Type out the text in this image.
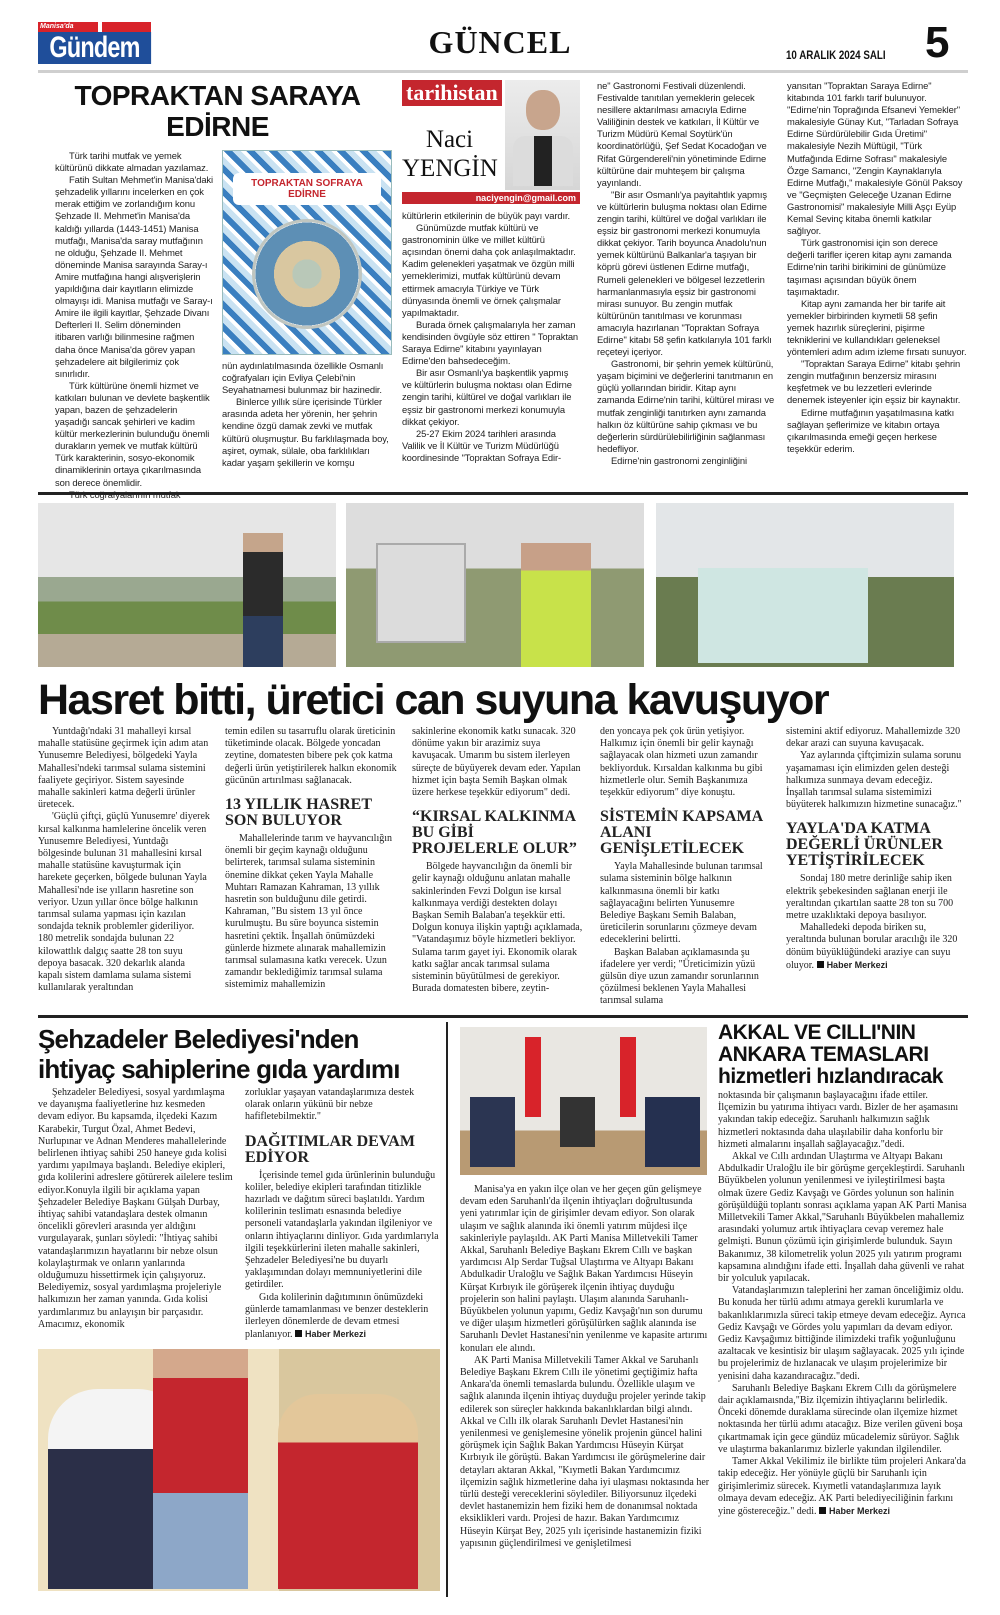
Manisa'da
Gündem	GÜNCEL	10 ARALIK 2024 SALI 5
TOPRAKTAN SARAYA
EDİRNE

Türk tarihi mutfak ve yemek kültürünü dikkate almadan yazılamaz.

Fatih Sultan Mehmet'in Manisa'daki şehzadelik yıllarını incelerken en çok merak ettiğim ve zorlandığım konu Şehzade II. Mehmet'in Manisa'da kaldığı yıllarda (1443-1451) Manisa mutfağı, Manisa'da saray mutfağının ne olduğu, Şehzade II. Mehmet döneminde Manisa sarayında Saray-ı Amire mutfağına hangi alışverişlerin yapıldığına dair kayıtların elimizde olmayışı idi. Manisa mutfağı ve Saray-ı Amire ile ilgili kayıtlar, Şehzade Divanı Defterleri II. Selim döneminden itibaren varlığı bilinmesine rağmen daha önce Manisa'da görev yapan şehzadelere ait bilgilerimiz çok sınırlıdır.

Türk kültürüne önemli hizmet ve katkıları bulunan ve devlete başkentlik yapan, bazen de şehzadelerin yaşadığı sancak şehirleri ve kadim kültür merkezlerinin bulunduğu önemli durakların yemek ve mutfak kültürü Türk karakterinin, sosyo-ekonomik dinamiklerinin ortaya çıkarılmasında son derece önemlidir.

TOPRAKTAN SOFRAYA EDİRNE

nün aydınlatılmasında özellikle Osmanlı coğrafyaları için Evliya Çelebi'nin Seyahatnamesi bulunmaz bir hazinedir.

Binlerce yıllık süre içerisinde Türkler arasında adeta her yörenin, her şehrin kendine özgü damak zevki ve mutfak kültürü oluşmuştur. Bu farklılaşmada boy, aşiret, oymak, sülale, oba farklılıkları kadar yaşam şekillerin ve komşu

tarihistan
Naci
YENGİN
naciyengin@gmail.com

kültürlerin etkilerinin de büyük payı vardır.

Günümüzde mutfak kültürü ve gastronominin ülke ve millet kültürü açısından önemi daha çok anlaşılmaktadır. Kadim gelenekleri yaşatmak ve özgün milli yemeklerimizi, mutfak kültürünü devam ettirmek amacıyla Türkiye ve Türk dünyasında önemli ve örnek çalışmalar yapılmaktadır.

Burada örnek çalışmalarıyla her zaman kendisinden övgüyle söz ettiren " Topraktan Saraya Edirne" kitabını yayınlayan Edirne'den bahsedeceğim.

Bir asır Osmanlı'ya başkentlik yapmış ve kültürlerin buluşma noktası olan Edirne zengin tarihi, kültürel ve doğal varlıkları ile eşsiz bir gastronomi merkezi konumuyla dikkat çekiyor.

25-27 Ekim 2024 tarihleri arasında Valilik ve İl Kültür ve Turizm Müdürlüğü koordinesinde "Topraktan Sofraya Edir-

ne" Gastronomi Festivali düzenlendi. Festivalde tanıtılan yemeklerin gelecek nesillere aktarılması amacıyla Edirne Valiliğinin destek ve katkıları, İl Kültür ve Turizm Müdürü Kemal Soytürk'ün koordinatörlüğü, Şef Sedat Kocadoğan ve Rifat Gürgendereli'nin yönetiminde Edirne kültürüne dair muhteşem bir çalışma yayınlandı.

"Bir asır Osmanlı'ya payitahtlık yapmış ve kültürlerin buluşma noktası olan Edirne zengin tarihi, kültürel ve doğal varlıkları ile eşsiz bir gastronomi merkezi konumuyla dikkat çekiyor. Tarih boyunca Anadolu'nun yemek kültürünü Balkanlar'a taşıyan bir köprü görevi üstlenen Edirne mutfağı, Rumeli gelenekleri ve bölgesel lezzetlerin harmanlanmasıyla eşsiz bir gastronomi mirası sunuyor. Bu zengin mutfak kültürünün tanıtılması ve korunması amacıyla hazırlanan "Topraktan Sofraya Edirne" kitabı 58 şefin katkılarıyla 101 farklı reçeteyi içeriyor.

Gastronomi, bir şehrin yemek kültürünü, yaşam biçimini ve değerlerini tanıtmanın en güçlü yollarından biridir. Kitap aynı zamanda Edirne'nin tarihi, kültürel mirası ve mutfak zenginliği tanıtırken aynı zamanda halkın öz kültürüne sahip çıkması ve bu değerlerin sürdürülebilirliğinin sağlanması hedefliyor.

Edirne'nin gastronomi zenginliğini

yansıtan "Topraktan Saraya Edirne" kitabında 101 farklı tarif bulunuyor. "Edirne'nin Toprağında Efsanevi Yemekler" makalesiyle Günay Kut, "Tarladan Sofraya Edirne Sürdürülebilir Gıda Üretimi" makalesiyle Nezih Müftügil, "Türk Mutfağında Edirne Sofrası" makalesiyle Özge Samancı, "Zengin Kaynaklarıyla Edirne Mutfağı," makalesiyle Gönül Paksoy ve "Geçmişten Geleceğe Uzanan Edirne Gastronomisi" makalesiyle Milli Aşçı Eyüp Kemal Sevinç kitaba önemli katkılar sağlıyor.

Türk gastronomisi için son derece değerli tarifler içeren kitap aynı zamanda Edirne'nin tarihi birikimini de günümüze taşıması açısından büyük önem taşımaktadır.

Kitap aynı zamanda her bir tarife ait yemekler birbirinden kıymetli 58 şefin yemek hazırlık süreçlerini, pişirme tekniklerini ve kullandıkları geleneksel yöntemleri adım adım izleme fırsatı sunuyor.

"Topraktan Saraya Edirne" kitabı şehrin zengin mutfağının benzersiz mirasını keşfetmek ve bu lezzetleri evlerinde denemek isteyenler için eşsiz bir kaynaktır.

Edirne mutfağının yaşatılmasına katkı sağlayan şeflerimize ve kitabın ortaya çıkarılmasında emeği geçen herkese teşekkür ederim.

Hasret bitti, üretici can suyuna kavuşuyor

Yuntdağı'ndaki 31 mahalleyi kırsal mahalle statüsüne geçirmek için adım atan Yunusemre Belediyesi, bölgedeki Yayla Mahallesi'ndeki tarımsal sulama sistemini faaliyete geçiriyor. Sistem sayesinde mahalle sakinleri katma değerli ürünler üretecek.

'Güçlü çiftçi, güçlü Yunusemre' diyerek kırsal kalkınma hamlelerine öncelik veren Yunusemre Belediyesi, Yuntdağı bölgesinde bulunan 31 mahallesini kırsal mahalle statüsüne kavuşturmak için harekete geçerken, bölgede bulunan Yayla Mahallesi'nde ise yılların hasretine son veriyor. Uzun yıllar önce bölge halkının tarımsal sulama yapması için kazılan sondajda teknik problemler gideriliyor. 180 metrelik sondajda bulunan 22 kilowattlık dalgıç saatte 28 ton suyu depoya basacak. 320 dekarlık alanda kapalı sistem damlama sulama sistemi kullanılarak yeraltından

temin edilen su tasarruflu olarak üreticinin tüketiminde olacak. Bölgede yoncadan zeytine, domatesten bibere pek çok katma değerli ürün yetiştirilerek halkın ekonomik gücünün artırılması sağlanacak.

13 YILLIK HASRET SON BULUYOR

Mahallelerinde tarım ve hayvancılığın önemli bir geçim kaynağı olduğunu belirterek, tarımsal sulama sisteminin önemine dikkat çeken Yayla Mahalle Muhtarı Ramazan Kahraman, 13 yıllık hasretin son bulduğunu dile getirdi. Kahraman, "Bu sistem 13 yıl önce kurulmuştu. Bu süre boyunca sistemin hasretini çektik. İnşallah önümüzdeki günlerde hizmete alınarak mahallemizin tarımsal sulamasına katkı verecek. Uzun zamandır beklediğimiz tarımsal sulama sistemimiz mahallemizin

sakinlerine ekonomik katkı sunacak. 320 dönüme yakın bir arazimiz suya kavuşacak. Umarım bu sistem ilerleyen süreçte de büyüyerek devam eder. Yapılan hizmet için başta Semih Başkan olmak üzere herkese teşekkür ediyorum" dedi.

“KIRSAL KALKINMA BU GİBİ PROJELERLE OLUR”

Bölgede hayvancılığın da önemli bir gelir kaynağı olduğunu anlatan mahalle sakinlerinden Fevzi Dolgun ise kırsal kalkınmaya verdiği destekten dolayı Başkan Semih Balaban'a teşekkür etti. Dolgun konuya ilişkin yaptığı açıklamada, "Vatandaşımız böyle hizmetleri bekliyor. Sulama tarım gayet iyi. Ekonomik olarak katkı sağlar ancak tarımsal sulama sisteminin büyütülmesi de gerekiyor. Burada domatesten bibere, zeytin-

den yoncaya pek çok ürün yetişiyor. Halkımız için önemli bir gelir kaynağı sağlayacak olan hizmeti uzun zamandır bekliyorduk. Kırsaldan kalkınma bu gibi hizmetlerle olur. Semih Başkanımıza teşekkür ediyorum" diye konuştu.

SİSTEMİN KAPSAMA ALANI GENİŞLETİLECEK

Yayla Mahallesinde bulunan tarımsal sulama sisteminin bölge halkının kalkınmasına önemli bir katkı sağlayacağını belirten Yunusemre Belediye Başkanı Semih Balaban, üreticilerin sorunlarını çözmeye devam edeceklerini belirtti.

Başkan Balaban açıklamasında şu ifadelere yer verdi; "Üreticimizin yüzü gülsün diye uzun zamandır sorunlarının çözülmesi beklenen Yayla Mahallesi tarımsal sulama

sistemini aktif ediyoruz. Mahallemizde 320 dekar arazi can suyuna kavuşacak.

Yaz aylarında çiftçimizin sulama sorunu yaşamaması için elimizden gelen desteği halkımıza sunmaya devam edeceğiz. İnşallah tarımsal sulama sistemimizi büyüterek halkımızın hizmetine sunacağız."

YAYLA'DA KATMA DEĞERLİ ÜRÜNLER YETİŞTİRİLECEK

Sondaj 180 metre derinliğe sahip iken elektrik şebekesinden sağlanan enerji ile yeraltından çıkartılan saatte 28 ton su 700 metre uzaklıktaki depoya basılıyor.

Mahalledeki depoda biriken su, yeraltında bulunan borular aracılığı ile 320 dönüm büyüklüğündeki araziye can suyu oluyor. Haber Merkezi

Şehzadeler Belediyesi'nden
ihtiyaç sahiplerine gıda yardımı

Şehzadeler Belediyesi, sosyal yardımlaşma ve dayanışma faaliyetlerine hız kesmeden devam ediyor. Bu kapsamda, ilçedeki Kazım Karabekir, Turgut Özal, Ahmet Bedevi, Nurlupınar ve Adnan Menderes mahallelerinde belirlenen ihtiyaç sahibi 250 haneye gıda kolisi yardımı yapılmaya başlandı. Belediye ekipleri, gıda kolilerini adreslere götürerek ailelere teslim ediyor.Konuyla ilgili bir açıklama yapan Şehzadeler Belediye Başkanı Gülşah Durbay, ihtiyaç sahibi vatandaşlara destek olmanın öncelikli görevleri arasında yer aldığını vurgulayarak, şunları söyledi: "İhtiyaç sahibi vatandaşlarımızın hayatlarını bir nebze olsun kolaylaştırmak ve onların yanlarında olduğumuzu hissettirmek için çalışıyoruz. Belediyemiz, sosyal yardımlaşma projeleriyle halkımızın her zaman yanında. Gıda kolisi yardımlarımız bu anlayışın bir parçasıdır. Amacımız, ekonomik

zorluklar yaşayan vatandaşlarımıza destek olarak onların yükünü bir nebze hafifletebilmektir."

DAĞITIMLAR DEVAM EDİYOR

İçerisinde temel gıda ürünlerinin bulunduğu koliler, belediye ekipleri tarafından titizlikle hazırladı ve dağıtım süreci başlatıldı. Yardım kolilerinin teslimatı esnasında belediye personeli vatandaşlarla yakından ilgileniyor ve onların ihtiyaçlarını dinliyor. Gıda yardımlarıyla ilgili teşekkürlerini ileten mahalle sakinleri, Şehzadeler Belediyesi'ne bu duyarlı yaklaşımından dolayı memnuniyetlerini dile getirdiler.

Gıda kolilerinin dağıtımının önümüzdeki günlerde tamamlanması ve benzer desteklerin ilerleyen dönemlerde de devam etmesi planlanıyor. Haber Merkezi

Manisa'ya en yakın ilçe olan ve her geçen gün gelişmeye devam eden Saruhanlı'da ilçenin ihtiyaçları doğrultusunda yeni yatırımlar için de girişimler devam ediyor. Son olarak ulaşım ve sağlık alanında iki önemli yatırım müjdesi ilçe sakinleriyle paylaşıldı. AK Parti Manisa Milletvekili Tamer Akkal, Saruhanlı Belediye Başkanı Ekrem Cıllı ve başkan yardımcısı Alp Serdar Tuğsal Ulaştırma ve Altyapı Bakanı Abdulkadir Uraloğlu ve Sağlık Bakan Yardımcısı Hüseyin Kürşat Kırbıyık ile görüşerek ilçenin ihtiyaç duyduğu projelerin son halini paylaştı. Ulaşım alanında Saruhanlı-Büyükbelen yolunun yapımı, Gediz Kavşağı'nın son durumu ve diğer ulaşım hizmetleri görüşülürken sağlık alanında ise Saruhanlı Devlet Hastanesi'nin yenilenme ve kapasite artırımı konuları ele alındı.

AK Parti Manisa Milletvekili Tamer Akkal ve Saruhanlı Belediye Başkanı Ekrem Cıllı ile yönetimi geçtiğimiz hafta Ankara'da önemli temaslarda bulundu. Özellikle ulaşım ve sağlık alanında ilçenin ihtiyaç duyduğu projeler yerinde takip edilerek son süreçler hakkında bakanlıklardan bilgi alındı. Akkal ve Cıllı ilk olarak Saruhanlı Devlet Hastanesi'nin yenilenmesi ve genişlemesine yönelik projenin güncel halini görüşmek için Sağlık Bakan Yardımcısı Hüseyin Kürşat Kırbıyık ile görüştü. Bakan Yardımcısı ile görüşmelerine dair detayları aktaran Akkal, "Kıymetli Bakan Yardımcımız ilçemizin sağlık hizmetlerine daha iyi ulaşması noktasında her türlü desteği vereceklerini söylediler. Biliyorsunuz ilçedeki devlet hastanemizin hem fiziki hem de donanımsal noktada eksiklikleri vardı. Projesi de hazır. Bakan Yardımcımız Hüseyin Kürşat Bey, 2025 yılı içerisinde hastanemizin fiziki yapısının güçlendirilmesi ve genişletilmesi

AKKAL VE CILLI'NIN
ANKARA TEMASLARI
hizmetleri hızlandıracak

noktasında bir çalışmanın başlayacağını ifade ettiler. İlçemizin bu yatırıma ihtiyacı vardı. Bizler de her aşamasını yakından takip edeceğiz. Saruhanlı halkımızın sağlık hizmetleri noktasında daha ulaşılabilir daha konforlu bir hizmeti almalarını inşallah sağlayacağız."dedi.

Akkal ve Cıllı ardından Ulaştırma ve Altyapı Bakanı Abdulkadir Uraloğlu ile bir görüşme gerçekleştirdi. Saruhanlı Büyükbelen yolunun yenilenmesi ve iyileştirilmesi başta olmak üzere Gediz Kavşağı ve Gördes yolunun son halinin görüşüldüğü toplantı sonrası açıklama yapan AK Parti Manisa Milletvekili Tamer Akkal,"Saruhanlı Büyükbelen mahallemiz arasındaki yolumuz artık ihtiyaçlara cevap veremez hale gelmişti. Bunun çözümü için girişimlerde bulunduk. Sayın Bakanımız, 38 kilometrelik yolun 2025 yılı yatırım programı kapsamına alındığını ifade etti. İnşallah daha güvenli ve rahat bir yolculuk yapılacak.

Vatandaşlarımızın taleplerini her zaman önceliğimiz oldu. Bu konuda her türlü adımı atmaya gerekli kurumlarla ve bakanlıklarımızla süreci takip etmeye devam edeceğiz. Ayrıca Gediz Kavşağı ve Gördes yolu yapımları da devam ediyor. Gediz Kavşağımız bittiğinde ilimizdeki trafik yoğunluğunu azaltacak ve kesintisiz bir ulaşım sağlayacak. 2025 yılı içinde bu projelerimiz de hızlanacak ve ulaşım projelerimize bir yenisini daha kazandıracağız."dedi.

Saruhanlı Belediye Başkanı Ekrem Cıllı da görüşmelere dair açıklamaısnda,"Biz ilçemizin ihtiyaçlarını belirledik. Önceki dönemde duraklama sürecinde olan ilçemize hizmet noktasında her türlü adımı atacağız. Bize verilen güveni boşa çıkartmamak için gece gündüz mücadelemiz sürüyor. Sağlık ve ulaştırma bakanlarımız bizlerle yakından ilgilendiler.

Tamer Akkal Vekilimiz ile birlikte tüm projeleri Ankara'da takip edeceğiz. Her yönüyle güçlü bir Saruhanlı için girişimlerimiz sürecek. Kıymetli vatandaşlarımıza layık olmaya devam edeceğiz. AK Parti belediyeciliğinin farkını yine göstereceğiz." dedi. Haber Merkezi
